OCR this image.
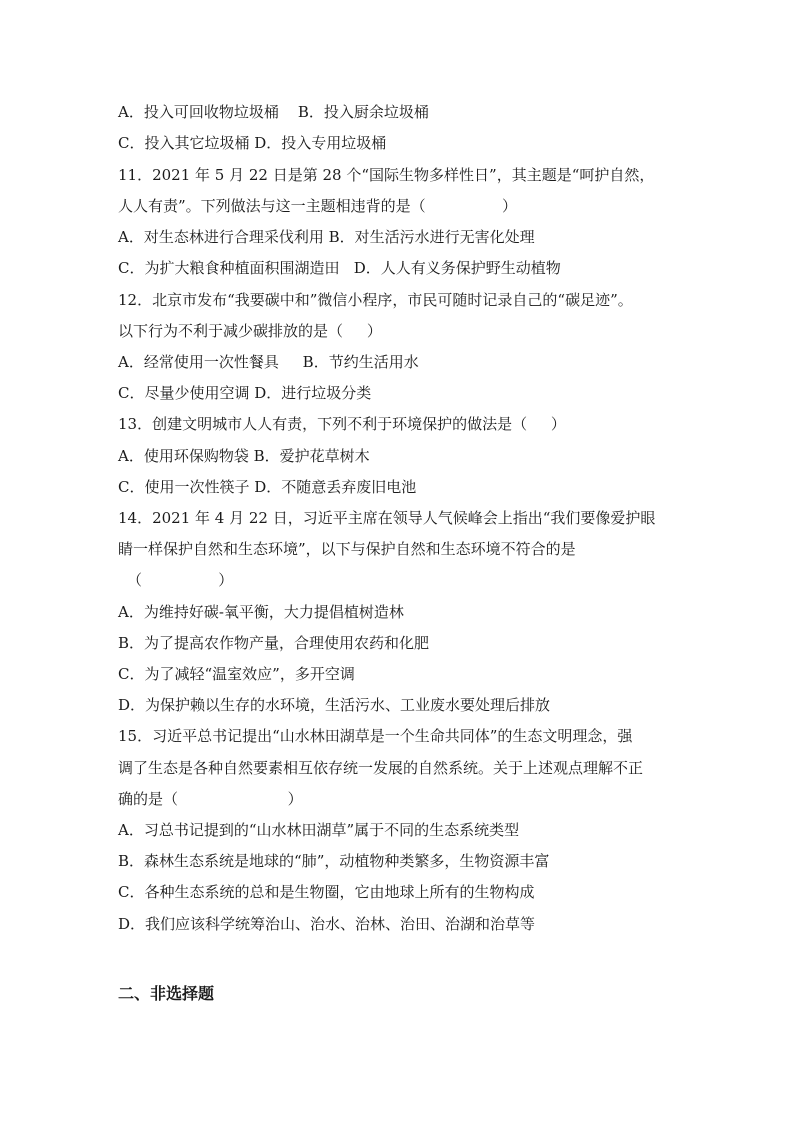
A．投入可回收物垃圾桶    B．投入厨余垃圾桶
C．投入其它垃圾桶 D．投入专用垃圾桶
11．2021 年 5 月 22 日是第 28 个“国际生物多样性日”，其主题是“呵护自然，
人人有责”。下列做法与这一主题相违背的是（                ）
A．对生态林进行合理采伐利用 B．对生活污水进行无害化处理
C．为扩大粮食种植面积围湖造田   D．人人有义务保护野生动植物
12．北京市发布“我要碳中和”微信小程序，市民可随时记录自己的“碳足迹”。
以下行为不利于减少碳排放的是（     ）
A．经常使用一次性餐具     B．节约生活用水
C．尽量少使用空调 D．进行垃圾分类
13．创建文明城市人人有责，下列不利于环境保护的做法是（     ）
A．使用环保购物袋 B．爱护花草树木
C．使用一次性筷子 D．不随意丢弃废旧电池
14．2021 年 4 月 22 日，习近平主席在领导人气候峰会上指出“我们要像爱护眼
睛一样保护自然和生态环境”，以下与保护自然和生态环境不符合的是
（                ）
A．为维持好碳-氧平衡，大力提倡植树造林
B．为了提高农作物产量，合理使用农药和化肥
C．为了减轻“温室效应”，多开空调
D．为保护赖以生存的水环境，生活污水、工业废水要处理后排放
15．习近平总书记提出“山水林田湖草是一个生命共同体”的生态文明理念，强
调了生态是各种自然要素相互依存统一发展的自然系统。关于上述观点理解不正
确的是（                       ）
A．习总书记提到的“山水林田湖草”属于不同的生态系统类型
B．森林生态系统是地球的“肺”，动植物种类繁多，生物资源丰富
C．各种生态系统的总和是生物圈，它由地球上所有的生物构成
D．我们应该科学统筹治山、治水、治林、治田、治湖和治草等
二、非选择题
